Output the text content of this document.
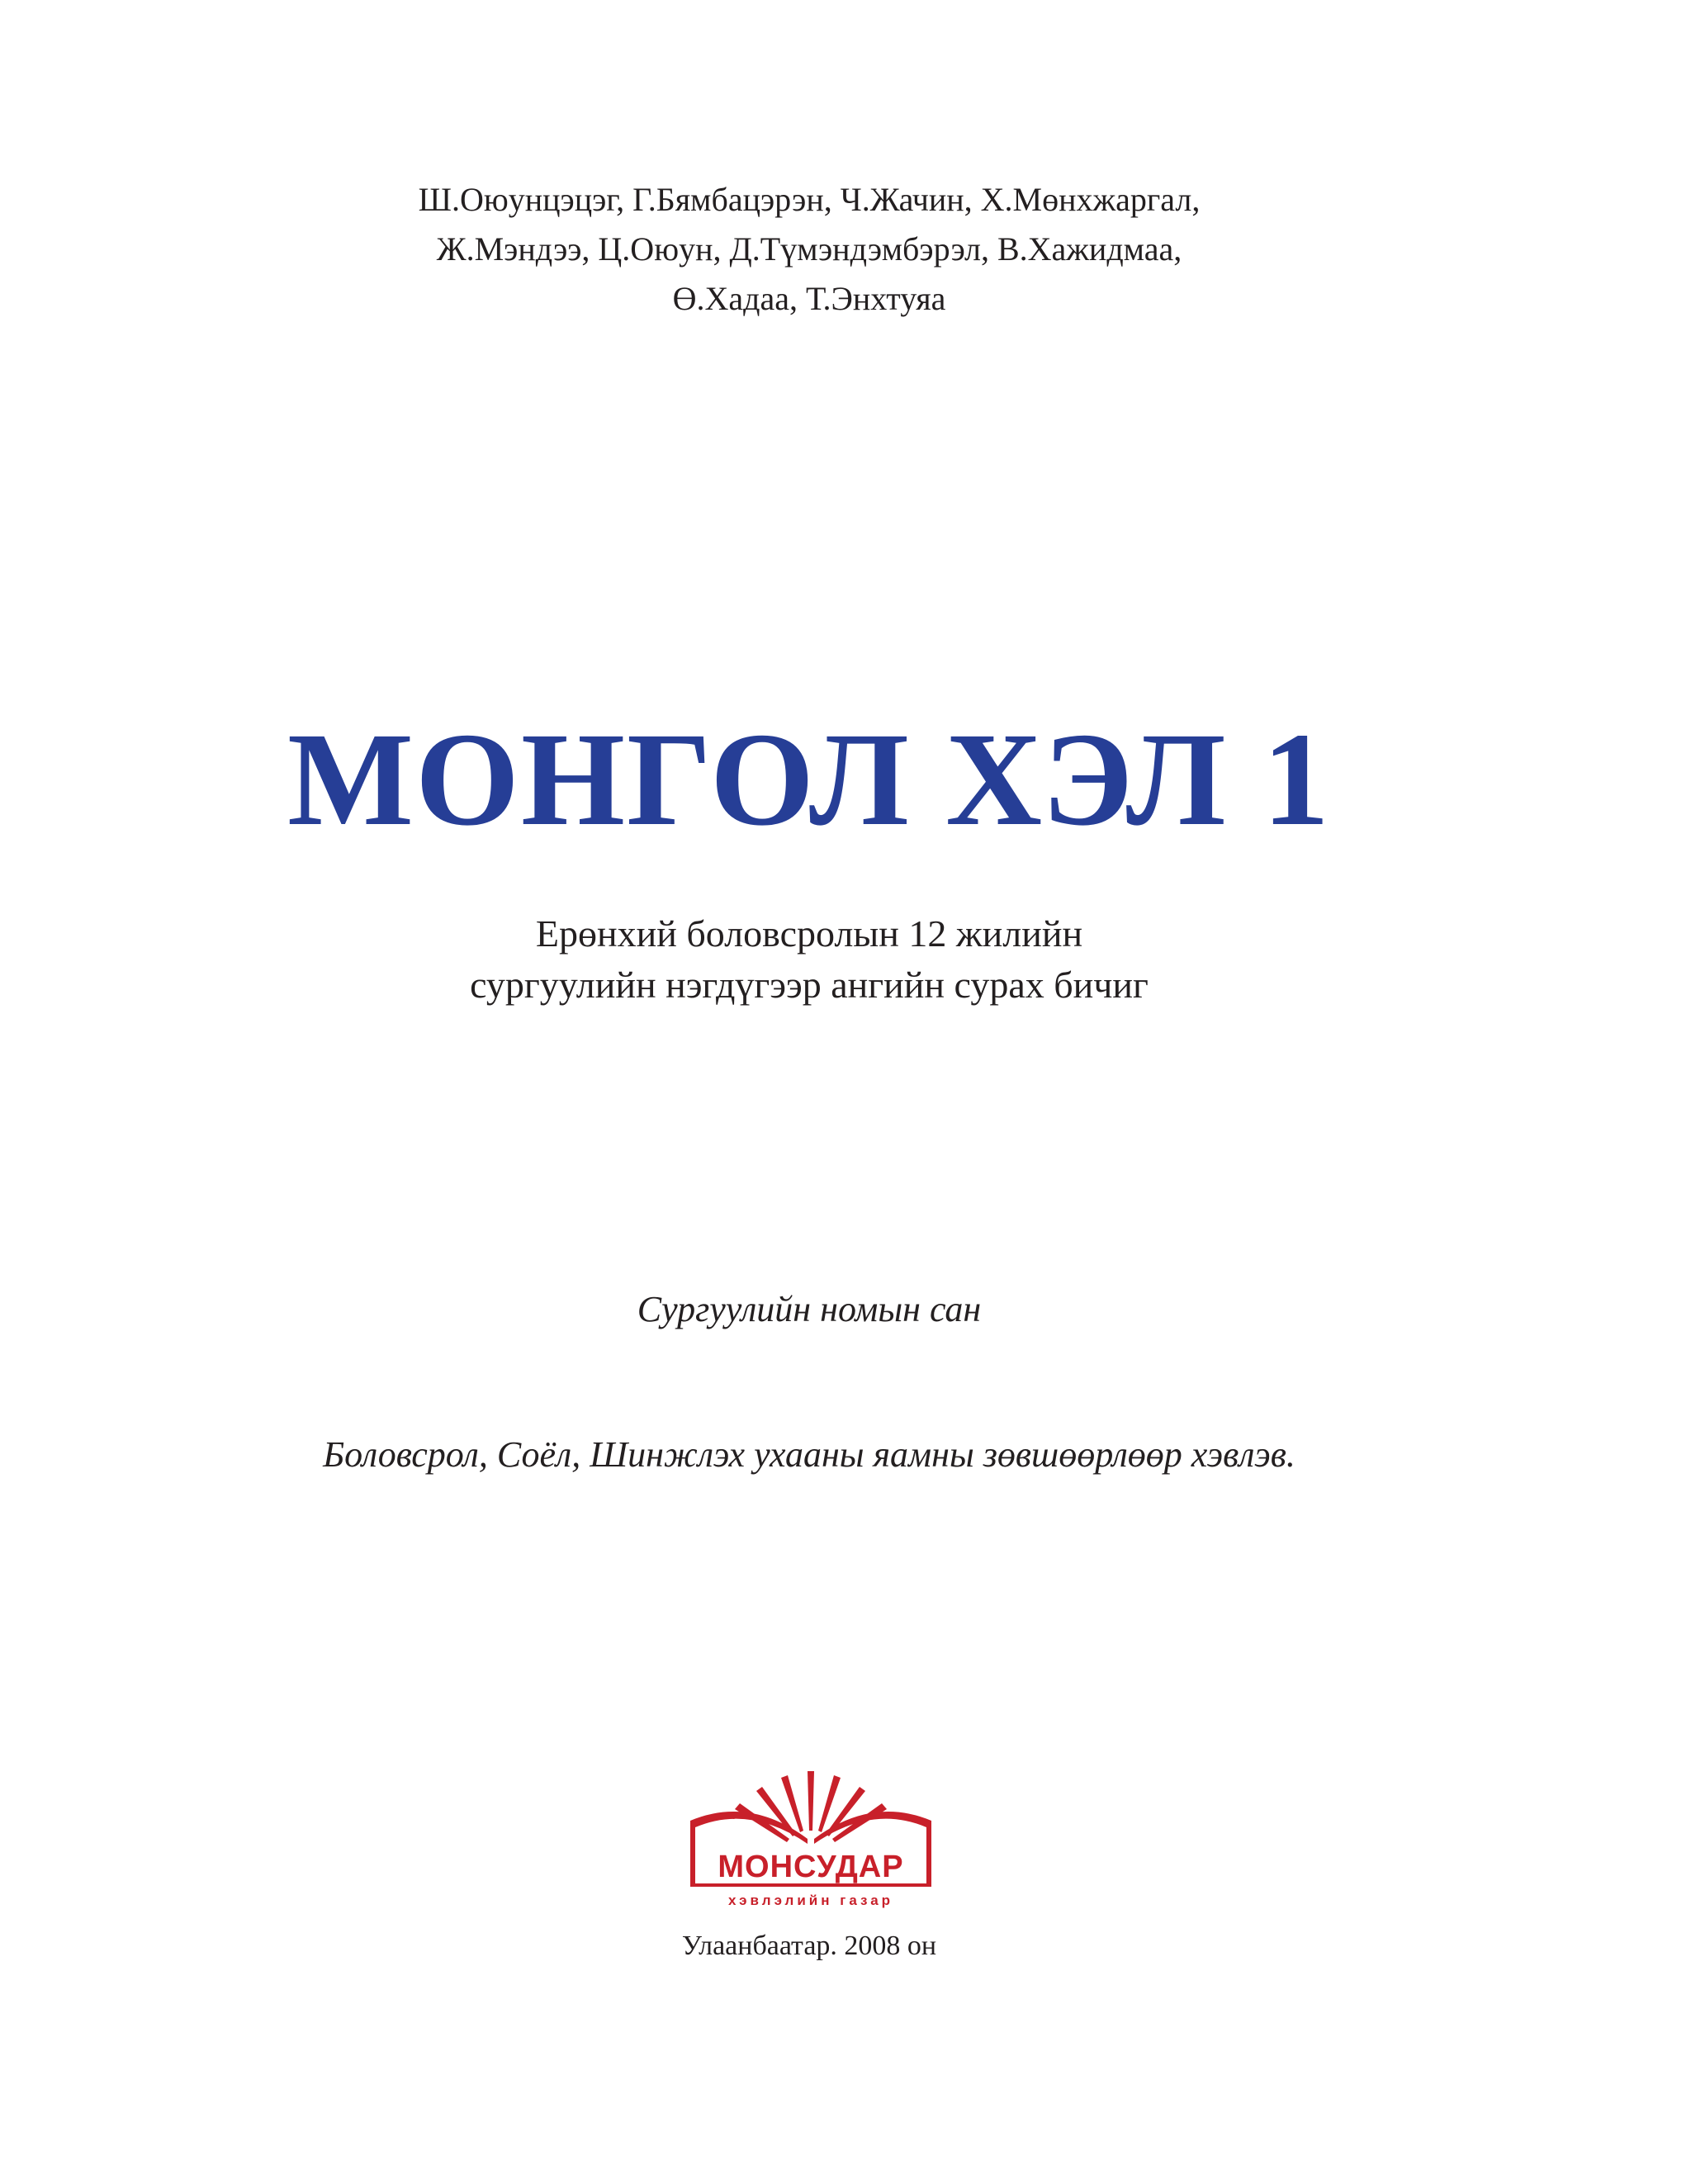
Ш.Оюунцэцэг, Г.Бямбацэрэн, Ч.Жачин, Х.Мөнхжаргал,
Ж.Мэндээ, Ц.Оюун, Д.Түмэндэмбэрэл, В.Хажидмаа,
Ө.Хадаа, Т.Энхтуяа
МОНГОЛ ХЭЛ 1
Ерөнхий боловсролын 12 жилийн
сургуулийн нэгдүгээр ангийн сурах бичиг
Сургуулийн номын сан
Боловсрол, Соёл, Шинжлэх ухааны яамны зөвшөөрлөөр хэвлэв.
МОНСУДАР
хэвлэлийн газар
Улаанбаатар. 2008 он
